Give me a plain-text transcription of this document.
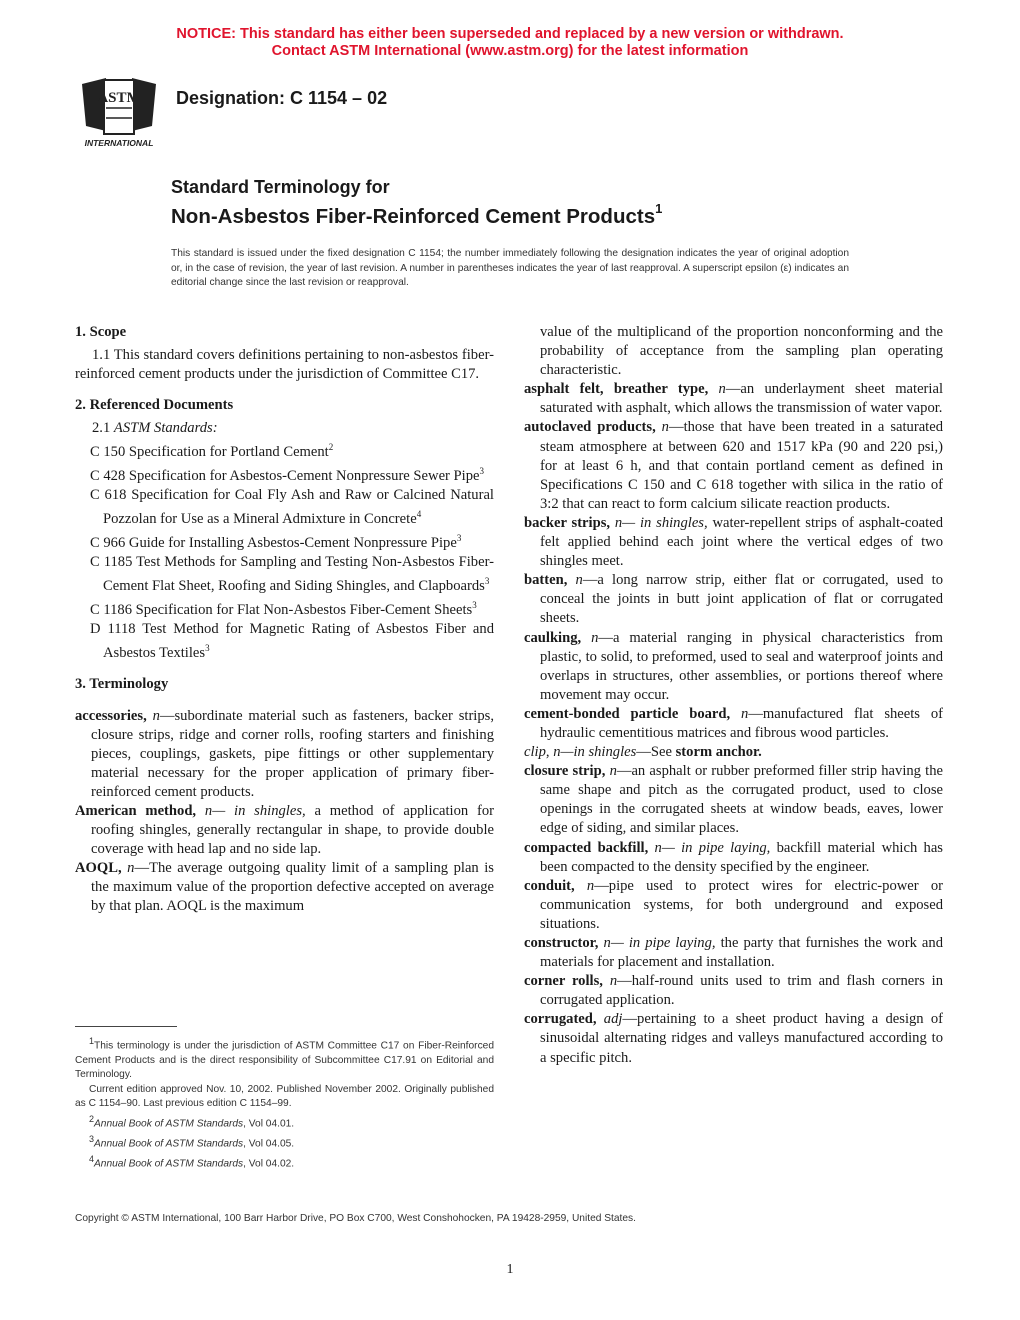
NOTICE: This standard has either been superseded and replaced by a new version or withdrawn.
Contact ASTM International (www.astm.org) for the latest information
ASTM
INTERNATIONAL
Designation: C 1154 – 02
Standard Terminology for
Non-Asbestos Fiber-Reinforced Cement Products$^1$
This standard is issued under the fixed designation C 1154; the number immediately following the designation indicates the year of original adoption or, in the case of revision, the year of last revision. A number in parentheses indicates the year of last reapproval. A superscript epsilon (ε) indicates an editorial change since the last revision or reapproval.

1. Scope

1.1 This standard covers definitions pertaining to non-asbestos fiber-reinforced cement products under the jurisdiction of Committee C17.

2. Referenced Documents

2.1 ASTM Standards:

C 150 Specification for Portland Cement$^2$

C 428 Specification for Asbestos-Cement Nonpressure Sewer Pipe$^3$

C 618 Specification for Coal Fly Ash and Raw or Calcined Natural Pozzolan for Use as a Mineral Admixture in Concrete$^4$

C 966 Guide for Installing Asbestos-Cement Nonpressure Pipe$^3$

C 1185 Test Methods for Sampling and Testing Non-Asbestos Fiber-Cement Flat Sheet, Roofing and Siding Shingles, and Clapboards$^3$

C 1186 Specification for Flat Non-Asbestos Fiber-Cement Sheets$^3$

D 1118 Test Method for Magnetic Rating of Asbestos Fiber and Asbestos Textiles$^3$

3. Terminology

accessories, n—subordinate material such as fasteners, backer strips, closure strips, ridge and corner rolls, roofing starters and finishing pieces, couplings, gaskets, pipe fittings or other supplementary material necessary for the proper application of primary fiber-reinforced cement products.

American method, n— in shingles, a method of application for roofing shingles, generally rectangular in shape, to provide double coverage with head lap and no side lap.

AOQL, n—The average outgoing quality limit of a sampling plan is the maximum value of the proportion defective accepted on average by that plan. AOQL is the maximum

value of the multiplicand of the proportion nonconforming and the probability of acceptance from the sampling plan operating characteristic.

asphalt felt, breather type, n—an underlayment sheet material saturated with asphalt, which allows the transmission of water vapor.

autoclaved products, n—those that have been treated in a saturated steam atmosphere at between 620 and 1517 kPa (90 and 220 psi,) for at least 6 h, and that contain portland cement as defined in Specifications C 150 and C 618 together with silica in the ratio of 3:2 that can react to form calcium silicate reaction products.

backer strips, n— in shingles, water-repellent strips of asphalt-coated felt applied behind each joint where the vertical edges of two shingles meet.

batten, n—a long narrow strip, either flat or corrugated, used to conceal the joints in butt joint application of flat or corrugated sheets.

caulking, n—a material ranging in physical characteristics from plastic, to solid, to preformed, used to seal and waterproof joints and overlaps in structures, other assemblies, or portions thereof where movement may occur.

cement-bonded particle board, n—manufactured flat sheets of hydraulic cementitious matrices and fibrous wood particles.

clip, n—in shingles—See storm anchor.

closure strip, n—an asphalt or rubber preformed filler strip having the same shape and pitch as the corrugated product, used to close openings in the corrugated sheets at window beads, eaves, lower edge of siding, and similar places.

compacted backfill, n— in pipe laying, backfill material which has been compacted to the density specified by the engineer.

conduit, n—pipe used to protect wires for electric-power or communication systems, for both underground and exposed situations.

constructor, n— in pipe laying, the party that furnishes the work and materials for placement and installation.

corner rolls, n—half-round units used to trim and flash corners in corrugated application.

corrugated, adj—pertaining to a sheet product having a design of sinusoidal alternating ridges and valleys manufactured according to a specific pitch.

$^1$This terminology is under the jurisdiction of ASTM Committee C17 on Fiber-Reinforced Cement Products and is the direct responsibility of Subcommittee C17.91 on Editorial and Terminology.

Current edition approved Nov. 10, 2002. Published November 2002. Originally published as C 1154–90. Last previous edition C 1154–99.

$^2$Annual Book of ASTM Standards, Vol 04.01.

$^3$Annual Book of ASTM Standards, Vol 04.05.

$^4$Annual Book of ASTM Standards, Vol 04.02.

Copyright © ASTM International, 100 Barr Harbor Drive, PO Box C700, West Conshohocken, PA 19428-2959, United States.
1
